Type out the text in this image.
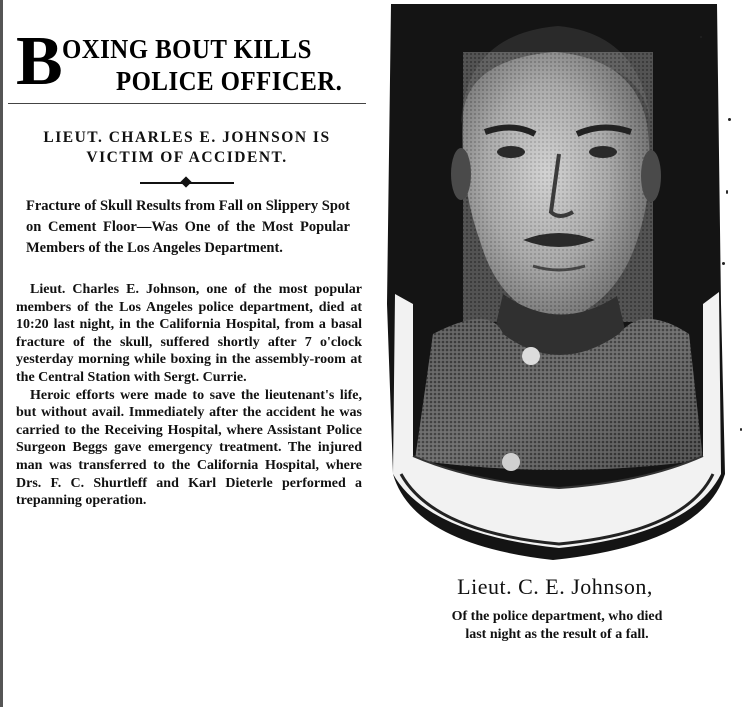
B OXING BOUT KILLS
POLICE OFFICER.
LIEUT. CHARLES E. JOHNSON IS
VICTIM OF ACCIDENT.
Fracture of Skull Results from Fall on Slippery Spot on Cement Floor—Was One of the Most Popular Members of the Los Angeles Department.

Lieut. Charles E. Johnson, one of the most popular members of the Los Angeles police department, died at 10:20 last night, in the California Hospital, from a basal fracture of the skull, suffered shortly after 7 o'clock yesterday morning while boxing in the assembly-room at the Central Station with Sergt. Currie.

Heroic efforts were made to save the lieutenant's life, but without avail. Immediately after the accident he was carried to the Receiving Hospital, where Assistant Police Surgeon Beggs gave emergency treatment. The injured man was transferred to the California Hospital, where Drs. F. C. Shurtleff and Karl Dieterle performed a trepanning operation.

Lieut. C. E. Johnson,
Of the police department, who died
last night as the result of a fall.
